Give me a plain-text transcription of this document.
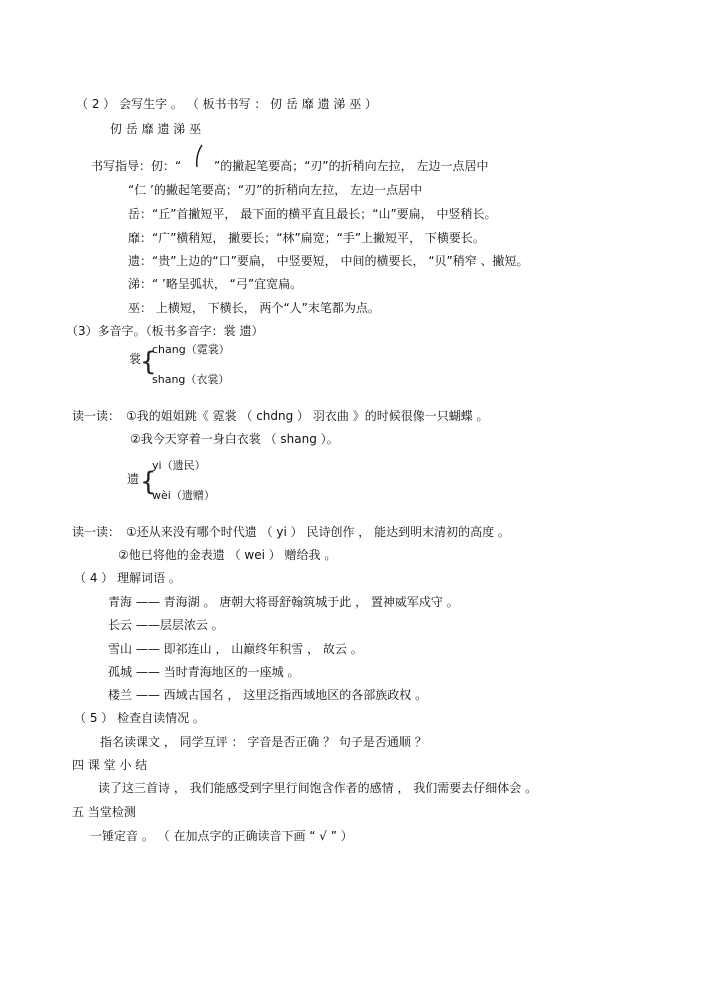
（ 2 ） 会写生字 。 （ 板书书写 ： 仞 岳 靡 遗 涕 巫 ）
仞 岳 靡 遗 涕 巫
书写指导：仞：“	”的撇起笔要高；“刃”的折稍向左拉， 左边一点居中
“仁 ’的撇起笔要高；“刃”的折稍向左拉， 左边一点居中
岳：“丘”首撇短平， 最下面的横平直且最长；“山”要扁， 中竖稍长。
靡：“广”横稍短， 撇要长；“林”扁宽；“手”上撇短平， 下横要长。
遗：“贵”上边的“口”要扁， 中竖要短， 中间的横要长， “贝”稍窄 、撇短。
涕：“ ’略呈弧状， “弓”宜宽扁。
巫： 上横短， 下横长， 两个“人”末笔都为点。
（3）多音字。（板书多音字：裳 遗）
裳
{
chang（霓裳）
shang（衣裳）
读一读： ①我的姐姐跳《 霓裳 （ chdng ） 羽衣曲 》的时候很像一只蝴蝶 。
②我今天穿着一身白衣裳 （ shang ）。
遗 {
yi（遗民）
wèi（遗赠）
读一读： ①还从来没有哪个时代遗 （ yi ） 民诗创作 ， 能达到明末清初的高度 。
②他已将他的金表遗 （ wei ） 赠给我 。
（ 4 ） 理解词语 。
青海 —— 青海湖 。 唐朝大将哥舒翰筑城于此 ， 置神威军戍守 。
长云 ——层层浓云 。
雪山 —— 即祁连山 ， 山巅终年积雪 ， 故云 。
孤城 —— 当时青海地区的一座城 。
楼兰 —— 西域古国名 ， 这里泛指西域地区的各部族政权 。
（ 5 ） 检查自读情况 。
指名读课文 ， 同学互评 ： 字音是否正确 ？ 句子是否通顺 ？
四 课 堂 小 结
读了这三首诗 ， 我们能感受到字里行间饱含作者的感情 ， 我们需要去仔细体会 。
五 当堂检测
一锤定音 。 （ 在加点字的正确读音下画 “ √ ” ）
